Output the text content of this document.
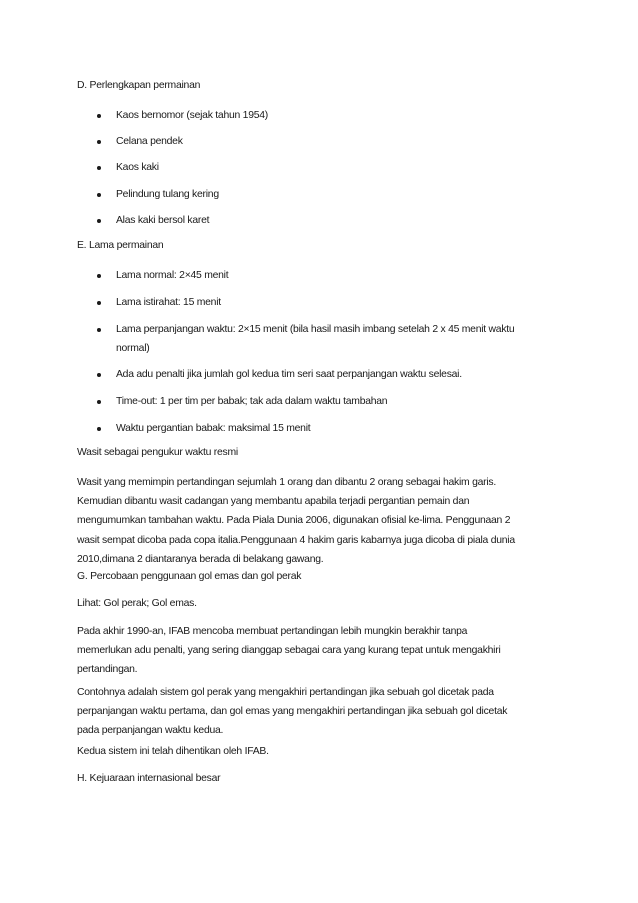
D. Perlengkapan permainan
Kaos bernomor (sejak tahun 1954)
Celana pendek
Kaos kaki
Pelindung tulang kering
Alas kaki bersol karet
E. Lama permainan
Lama normal: 2×45 menit
Lama istirahat: 15 menit
Lama perpanjangan waktu: 2×15 menit (bila hasil masih imbang setelah 2 x 45 menit waktu
normal)
Ada adu penalti jika jumlah gol kedua tim seri saat perpanjangan waktu selesai.
Time-out: 1 per tim per babak; tak ada dalam waktu tambahan
Waktu pergantian babak: maksimal 15 menit
Wasit sebagai pengukur waktu resmi
Wasit yang memimpin pertandingan sejumlah 1 orang dan dibantu 2 orang sebagai hakim garis.
Kemudian dibantu wasit cadangan yang membantu apabila terjadi pergantian pemain dan
mengumumkan tambahan waktu. Pada Piala Dunia 2006, digunakan ofisial ke-lima. Penggunaan 2
wasit sempat dicoba pada copa italia.Penggunaan 4 hakim garis kabarnya juga dicoba di piala dunia
2010,dimana 2 diantaranya berada di belakang gawang.
G. Percobaan penggunaan gol emas dan gol perak
Lihat: Gol perak; Gol emas.
Pada akhir 1990-an, IFAB mencoba membuat pertandingan lebih mungkin berakhir tanpa
memerlukan adu penalti, yang sering dianggap sebagai cara yang kurang tepat untuk mengakhiri
pertandingan.
Contohnya adalah sistem gol perak yang mengakhiri pertandingan jika sebuah gol dicetak pada
perpanjangan waktu pertama, dan gol emas yang mengakhiri pertandingan jika sebuah gol dicetak
pada perpanjangan waktu kedua.
Kedua sistem ini telah dihentikan oleh IFAB.
H. Kejuaraan internasional besar
